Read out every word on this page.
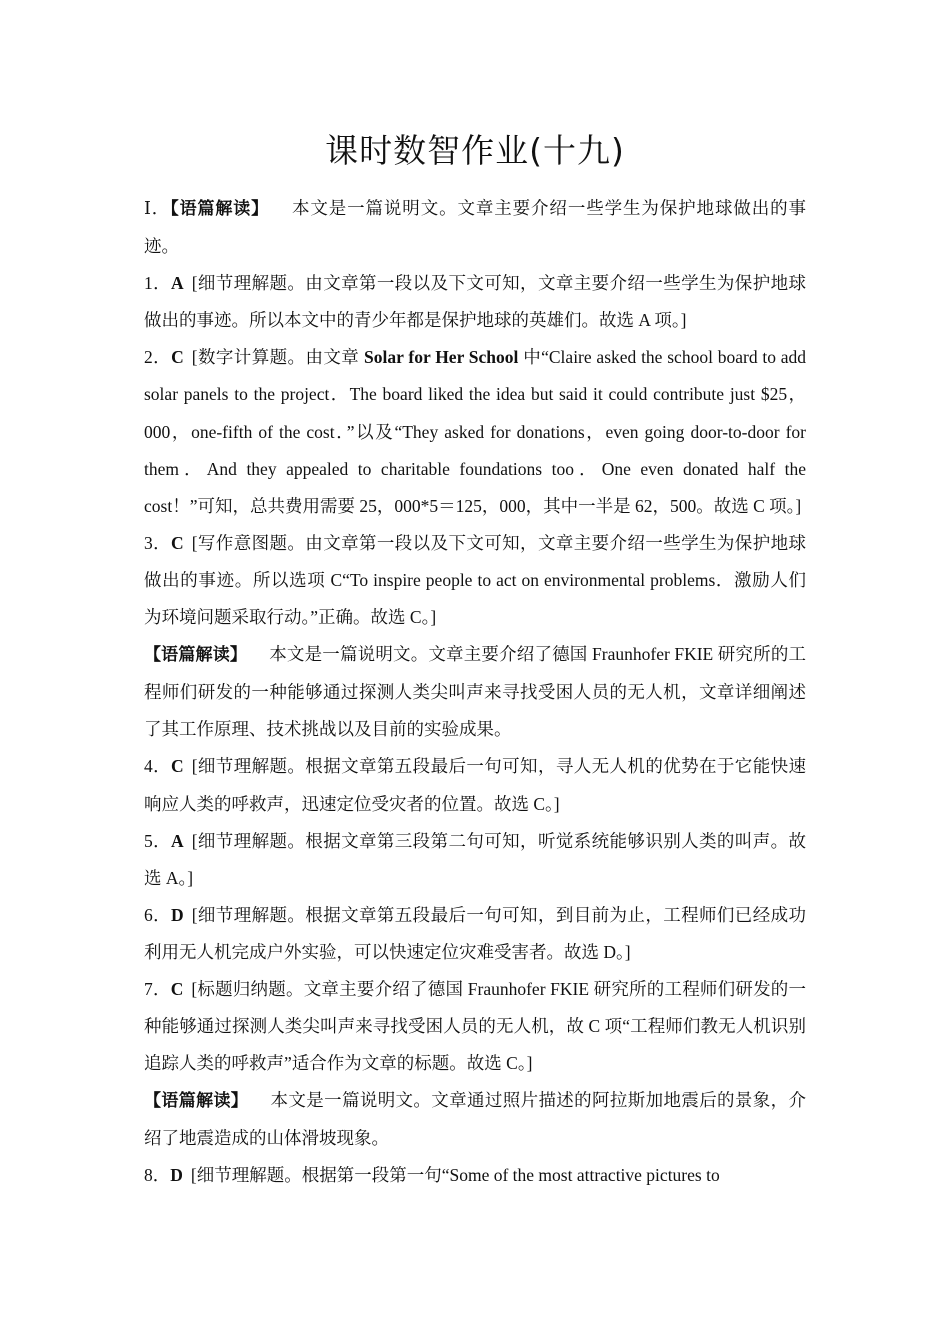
课时数智作业(十九)

Ⅰ．【语篇解读】 本文是一篇说明文。文章主要介绍一些学生为保护地球做出的事迹。

1．A [细节理解题。由文章第一段以及下文可知，文章主要介绍一些学生为保护地球做出的事迹。所以本文中的青少年都是保护地球的英雄们。故选 A 项。]

2．C [数字计算题。由文章 Solar for Her School 中“Claire asked the school board to add solar panels to the project．The board liked the idea but said it could contribute just $25，000，one-fifth of the cost．”以及“They asked for donations，even going door-to-door for them．And they appealed to charitable foundations too．One even donated half the cost！”可知，总共费用需要 25，000*5＝125，000，其中一半是 62，500。故选 C 项。]

3．C [写作意图题。由文章第一段以及下文可知，文章主要介绍一些学生为保护地球做出的事迹。所以选项 C“To inspire people to act on environmental problems．激励人们为环境问题采取行动。”正确。故选 C。]

【语篇解读】 本文是一篇说明文。文章主要介绍了德国 Fraunhofer FKIE 研究所的工程师们研发的一种能够通过探测人类尖叫声来寻找受困人员的无人机，文章详细阐述了其工作原理、技术挑战以及目前的实验成果。

4．C [细节理解题。根据文章第五段最后一句可知，寻人无人机的优势在于它能快速响应人类的呼救声，迅速定位受灾者的位置。故选 C。]

5．A [细节理解题。根据文章第三段第二句可知，听觉系统能够识别人类的叫声。故选 A。]

6．D [细节理解题。根据文章第五段最后一句可知，到目前为止，工程师们已经成功利用无人机完成户外实验，可以快速定位灾难受害者。故选 D。]

7．C [标题归纳题。文章主要介绍了德国 Fraunhofer FKIE 研究所的工程师们研发的一种能够通过探测人类尖叫声来寻找受困人员的无人机，故 C 项“工程师们教无人机识别追踪人类的呼救声”适合作为文章的标题。故选 C。]

【语篇解读】 本文是一篇说明文。文章通过照片描述的阿拉斯加地震后的景象，介绍了地震造成的山体滑坡现象。

8．D [细节理解题。根据第一段第一句“Some of the most attractive pictures to
